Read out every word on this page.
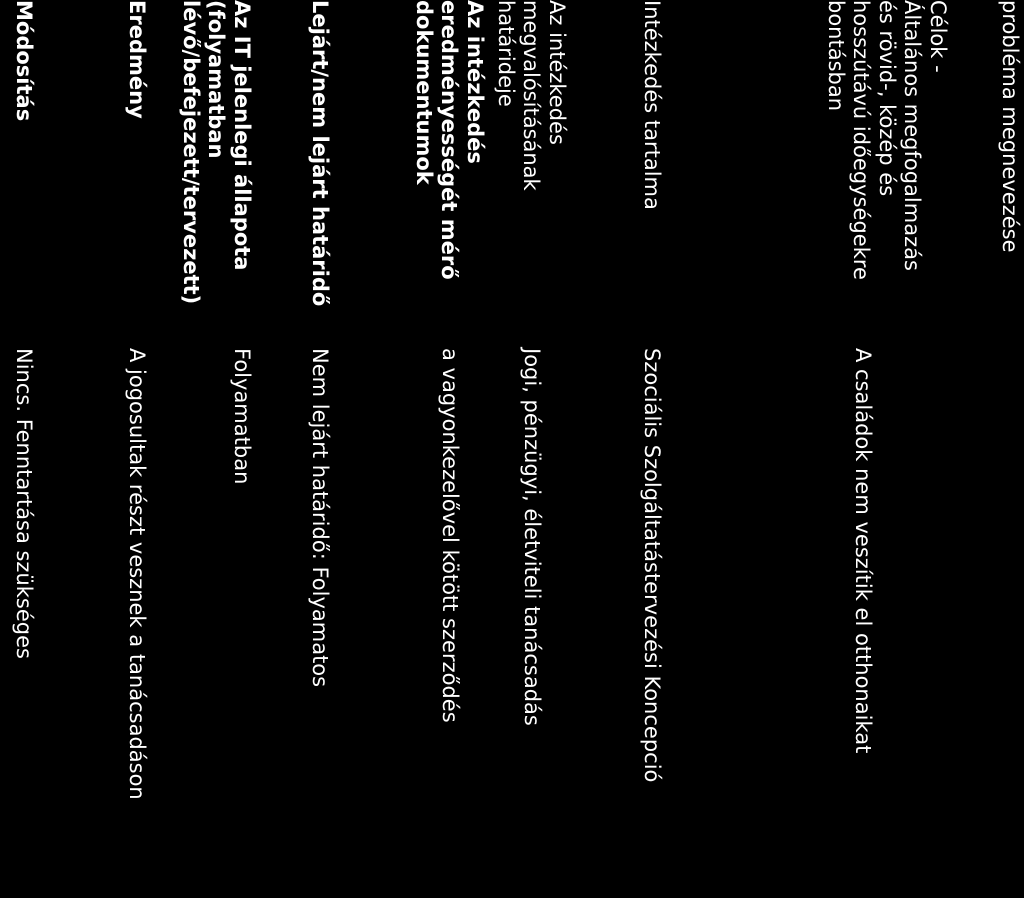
probléma megnevezése
Célok -
Általános megfogalmazás
és rövid-, közép és
hosszútávú időegységekre
bontásban
A családok nem veszítik el otthonaikat
Intézkedés tartalma
Szociális Szolgáltatástervezési Koncepció
Az intézkedés
megvalósításának
határideje
Jogi, pénzügyi, életviteli tanácsadás
Az intézkedés
eredményességét mérő
dokumentumok
a vagyonkezelővel kötött szerződés
Lejárt/nem lejárt határidő
Nem lejárt határidő: Folyamatos
Az IT jelenlegi állapota
(folyamatban
lévő/befejezett/tervezett)
Folyamatban
Eredmény
A jogosultak részt vesznek a tanácsadáson
Módosítás
Nincs. Fenntartása szükséges
